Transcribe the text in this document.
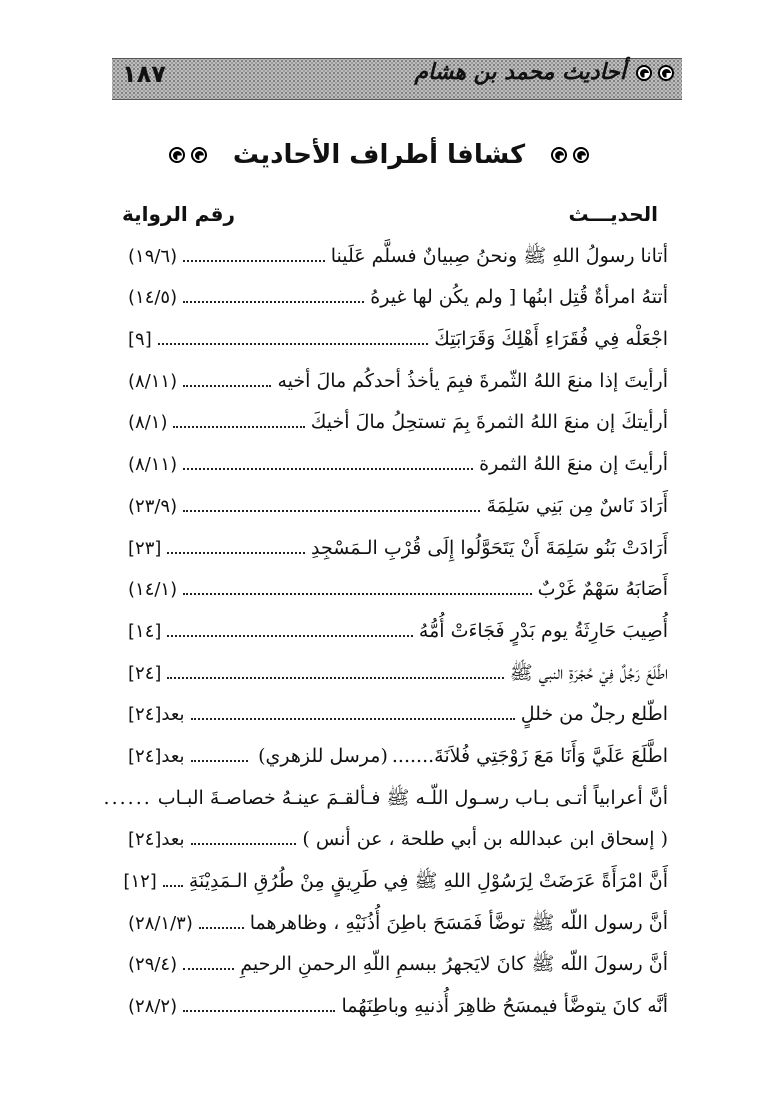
١٨٧	أحاديث محمد بن هشام
كشافا أطراف الأحاديث
الحديـــث
رقم الرواية
أتانا رسولُ اللهِ ﷺ ونحنُ صِبيانٌ فسلَّم عَلَينا
(١٩/٦)
أتتهُ امرأةٌ قُتِل ابنُها [ ولم يكُن لها غيرهُ
(١٤/٥)
اجْعَلْه فِي فُقَرَاءِ أَهْلِكَ وَقَرَابَتِكَ
[٩]
أرأيتَ إذا منعَ اللهُ الثّمرةَ فبِمَ يأخذُ أحدكُم مالَ أخيه
(٨/١١)
أرأيتكَ إن منعَ اللهُ الثمرةَ بِمَ تستحِلُ مالَ أخيكَ
(٨/١)
أرأيتَ إن منعَ اللهُ الثمرة
(٨/١١)
أَرَادَ نَاسٌ مِن بَنِي سَلِمَةَ
(٢٣/٩)
أَرَادَتْ بَنُو سَلِمَةَ أَنْ يَتَحَوَّلُوا إِلَى قُرْبِ الـمَسْجِدِ
[٢٣]
أَصَابَهُ سَهْمٌ غَرْبٌ
(١٤/١)
أُصِيبَ حَارِثَةُ يوم بَدْرٍ فَجَاءَتْ أُمُّهُ
[١٤]
اطَّلَعَ رَجُلٌ فِيْ حُجْرَةِ النبي ﷺ
[٢٤]
اطّلع رجلٌ من خللٍ
بعد[٢٤]
اطَّلَعَ عَلَيَّ وَأَنَا مَعَ زَوْجَتِي فُلاَنَةَ.......
(مرسل للزهري)
بعد[٢٤]
أنَّ أعرابياً أتـى بـاب رسـول اللّـه ﷺ فـألقـمَ عينـهُ خصاصـةَ البـاب
......
( إسحاق ابن عبدالله بن أبي طلحة ، عن أنس )
بعد[٢٤]
أَنَّ امْرَأَةً عَرَضَتْ لِرَسُوْلِ اللهِ ﷺ فِي طَرِيقٍ مِنْ طُرُقِ الـمَدِيْنَةِ
[١٢]
أنَّ رسول اللّه ﷺ توضَّأ فَمَسَحَ باطِنَ أُذُنَيْهِ ، وظاهرهما
(٢٨/١/٣)
أنَّ رسولَ اللّه ﷺ كانَ لايَجهرُ ببسمِ اللّهِ الرحمنِ الرحيمِ
(٢٩/٤)
أنَّه كانَ يتوضَّأ فيمسَحُ ظاهِرَ أُذنيهِ وباطِنَهُما
(٢٨/٢)
